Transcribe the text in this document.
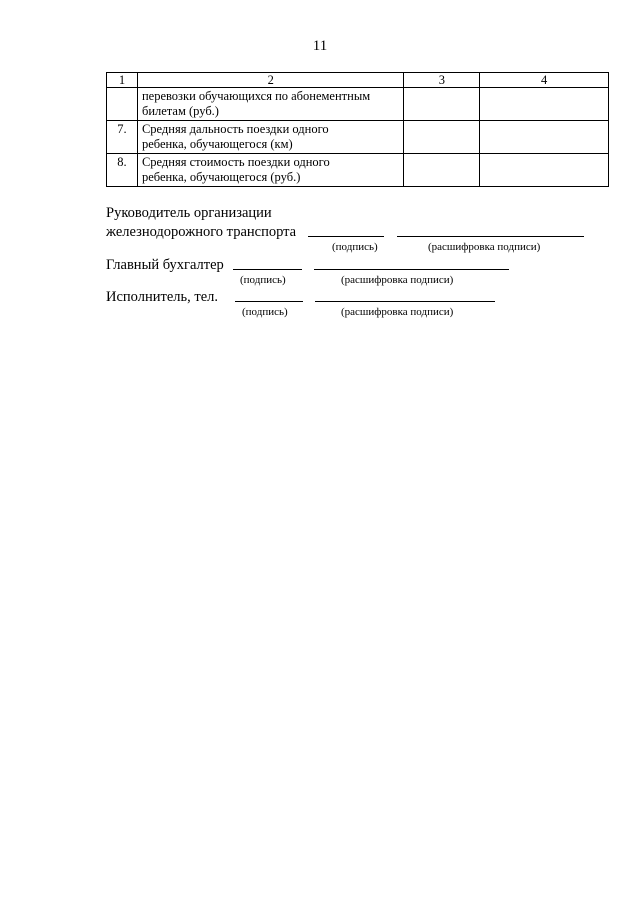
11
1	2	3	4

	перевозки обучающихся по абонементным
билетам (руб.)		

7.	Средняя дальность поездки одного
ребенка, обучающегося (км)		

8.	Средняя стоимость поездки одного
ребенка, обучающегося (руб.)		

Руководитель организации
железнодорожного транспорта
(подпись)	(расшифровка подписи)
Главный бухгалтер
(подпись)	(расшифровка подписи)
Исполнитель, тел.
(подпись)	(расшифровка подписи)
